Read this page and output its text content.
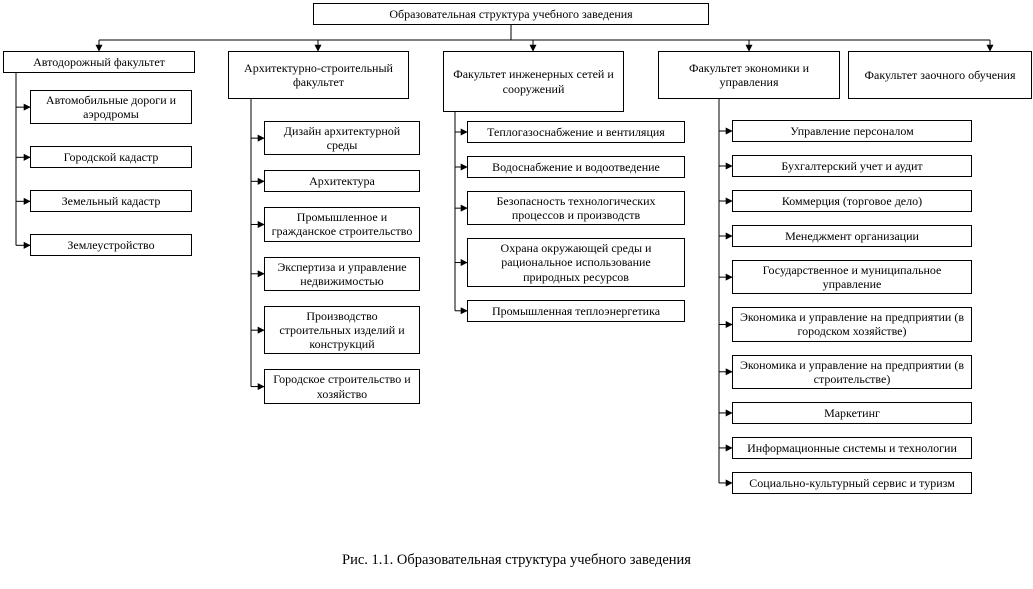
Образовательная структура учебного заведения
Автодорожный факультет
Автомобильные дороги и аэродромы
Городской кадастр
Земельный кадастр
Землеустройство
Архитектурно-строительный факультет
Дизайн архитектурной среды
Архитектура
Промышленное и гражданское строительство
Экспертиза и управление недвижимостью
Производство строительных изделий и конструкций
Городское строительство и хозяйство
Факультет инженерных сетей и сооружений
Теплогазоснабжение и вентиляция
Водоснабжение и водоотведение
Безопасность технологических процессов и производств
Охрана окружающей среды и рациональное использование природных ресурсов
Промышленная теплоэнергетика
Факультет экономики и управления
Управление персоналом
Бухгалтерский учет и аудит
Коммерция (торговое дело)
Менеджмент организации
Государственное и муниципальное управление
Экономика и управление на предприятии (в городском хозяйстве)
Экономика и управление на предприятии (в строительстве)
Маркетинг
Информационные системы и технологии
Социально-культурный сервис и туризм
Факультет заочного обучения
Рис. 1.1. Образовательная структура учебного заведения
